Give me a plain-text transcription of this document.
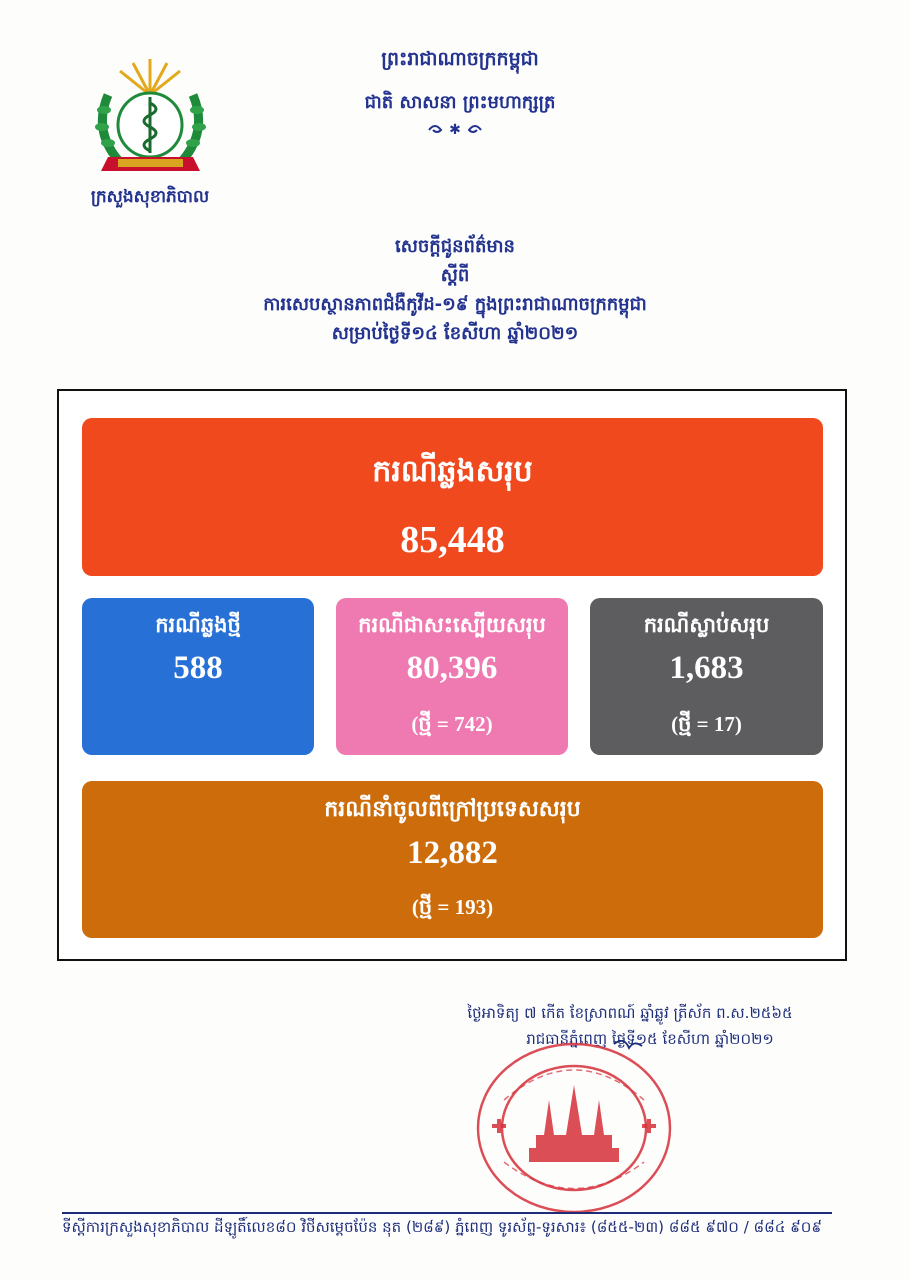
ក្រសួងសុខាភិបាល
ព្រះរាជាណាចក្រកម្ពុជា
ជាតិ សាសនា ព្រះមហាក្សត្រ
✱
សេចក្តីជូនព័ត៌មាន
ស្តីពី
ការសេបស្ថានភាពជំងឺកូវីដ-១៩ ក្នុងព្រះរាជាណាចក្រកម្ពុជា
សម្រាប់ថ្ងៃទី១៤ ខែសីហា ឆ្នាំ២០២១
ករណីឆ្លងសរុប
85,448
ករណីឆ្លងថ្មី
588
ករណីជាសះស្បើយសរុប
80,396
(ថ្មី = 742)
ករណីស្លាប់សរុប
1,683
(ថ្មី = 17)
ករណីនាំចូលពីក្រៅប្រទេសសរុប
12,882
(ថ្មី = 193)
ថ្ងៃអាទិត្យ ៧ កើត ខែស្រាពណ៍ ឆ្នាំឆ្លូវ ត្រីស័ក ព.ស.២៥៦៥
រាជធានីភ្នំពេញ ថ្ងៃទី១៥ ខែសីហា ឆ្នាំ២០២១
ទីស្តីការក្រសួងសុខាភិបាល ដីឡូតិ៍លេខ៨០ វិថីសម្តេចប៉ែន នុត (២៨៩) ភ្នំពេញ ទូរស័ព្ទ-ទូរសារ៖ (៨៥៥-២៣) ៨៨៥ ៩៧០ / ៨៨៤ ៩០៩
